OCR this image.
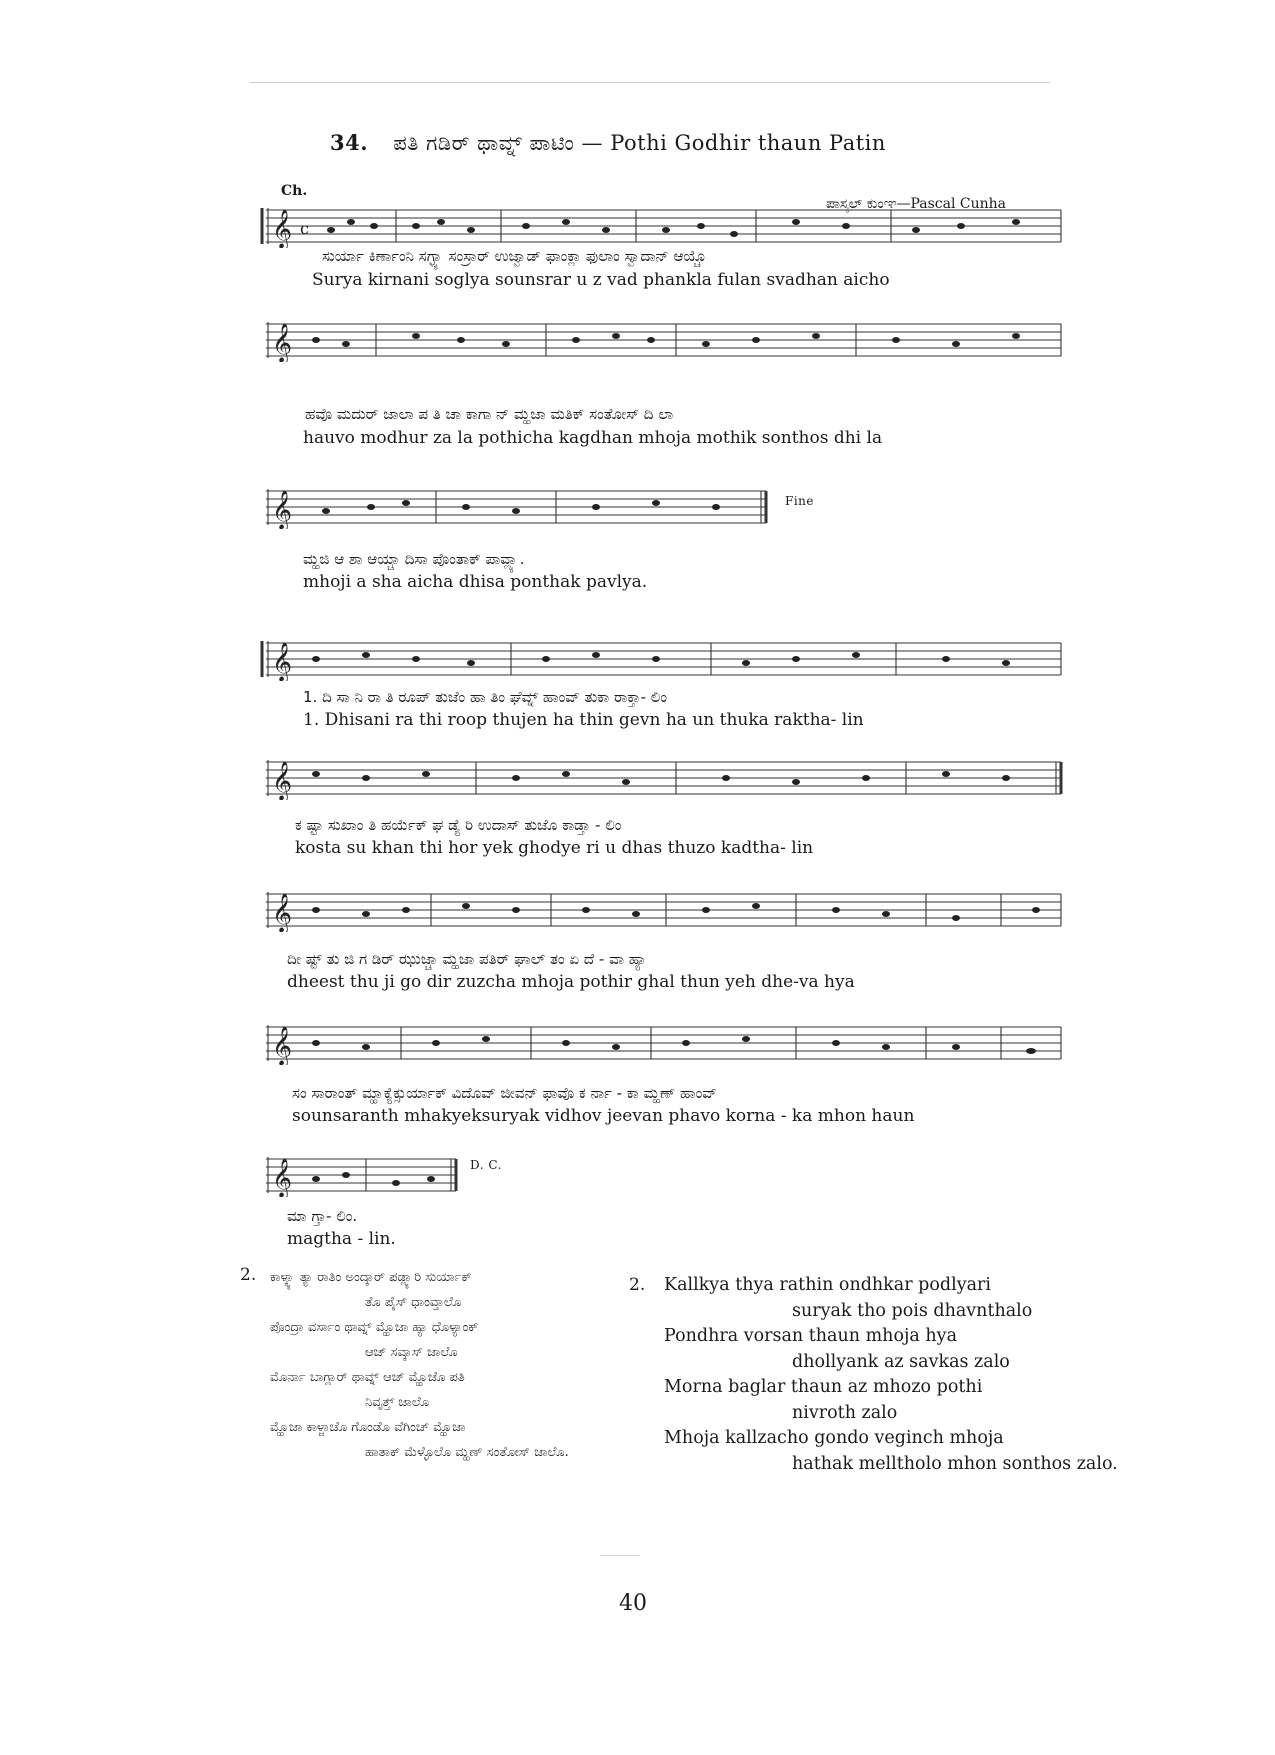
34. ಪತಿ ಗಡಿರ್ ಥಾವ್ನ್ ಪಾಟಿಂ — Pothi Godhir thaun Patin
Ch.
ಪಾಸ್ಕಲ್ ಕುಂಞ—Pascal Cunha
𝄞 c
ಸುರ್ಯಾ ಕಿರ್ಣಾಂನಿ ಸಗ್ಳ್ಯಾ ಸಂಸ್ರಾರ್ ಉಜ್ವಾಡ್ ಫಾಂಕ್ಲಾ ಫುಲಾಂ ಸ್ವಾದಾನ್ ಆಯ್ಚೊ
Surya kirnani soglya sounsrar u z vad phankla fulan svadhan aicho
𝄞
ಹವೊ ಮದುರ್ ಜಾಲಾ ಪ ತಿ ಚಾ ಕಾಗಾ ನ್ ಮ್ಹಜಾ ಮತಿಕ್ ಸಂತೋಸ್ ದಿ ಲಾ
hauvo modhur za la pothicha kagdhan mhoja mothik sonthos dhi la
𝄞	Fine
ಮ್ಹಜಿ ಆ ಶಾ ಆಯ್ಚಾ ದಿಸಾ ಪೊಂತಾಕ್ ಪಾವ್ಲ್ಯಾ.
mhoji a sha aicha dhisa ponthak pavlya.
𝄞
1. ದಿ ಸಾ ನಿ ರಾ ತಿ ರೂಪ್ ತುಜೆಂ ಹಾ ತಿಂ ಘೆವ್ನ್ ಹಾಂವ್ ತುಕಾ ರಾಕ್ತಾ- ಲಿಂ
1. Dhisani ra thi roop thujen ha thin gevn ha un thuka raktha- lin
𝄞
ಕ ಷ್ಟಾ ಸುಖಾಂ ತಿ ಹರ್ಯೆಕ್ ಘ ಡ್ಯೆ ರಿ ಉದಾಸ್ ತುಜೊ ಕಾಡ್ತಾ - ಲಿಂ
kosta su khan thi hor yek ghodye ri u dhas thuzo kadtha- lin
𝄞
ದೀ ಷ್ಟ್ ತು ಜಿ ಗ ಡಿರ್ ಝುಜ್ಚಾ ಮ್ಹಜಾ ಪತಿರ್ ಘಾಲ್ ತಂ ಏ ದೆ - ವಾ ಹ್ಯಾ
dheest thu ji go dir zuzcha mhoja pothir ghal thun yeh dhe-va hya
𝄞
ಸಂ ಸಾರಾಂತ್ ಮ್ಹಾಕ್ಯೆಕ್ಸುರ್ಯಾಕ್ ವಿದೊವ್ ಜೀವನ್ ಫಾವೊ ಕ ರ್ನಾ - ಕಾ ಮ್ಹಣ್ ಹಾಂವ್
sounsaranth mhakyeksuryak vidhov jeevan phavo korna - ka mhon haun
𝄞	D. C.
ಮಾ ಗ್ತಾ- ಲಿಂ.
magtha - lin.
2. ಕಾಳ್ಕ್ಯಾ ತ್ಯಾ ರಾತಿಂ ಅಂದ್ಕಾರ್ ಪಡ್ಲ್ಯಾರಿ ಸುರ್ಯಾಕ್
ತೊ ಪೈಸ್ ಧಾಂವ್ತಾಲೊ
ಪೊಂದ್ರಾ ವರ್ಸಾಂ ಥಾವ್ನ್ ಮ್ಹೊಜಾ ಹ್ಯಾ ಧೊಳ್ಯಾಂಕ್
ಆಜ್ ಸವ್ಕಾಸ್ ಜಾಲೊ
ಮೊರ್ನಾ ಬಾಗ್ಲಾರ್ ಥಾವ್ನ್ ಆಜ್ ಮ್ಹೊಜೊ ಪತಿ
ನಿವೃತ್ತ್ ಜಾಲೊ
ಮ್ಹೊಜಾ ಕಾಳ್ಜಾಚೊ ಗೊಂಡೊ ವೆಗಿಂಚ್ ಮ್ಹೊಜಾ
ಹಾತಾಕ್ ಮೆಳ್ಳೊಲೊ ಮ್ಹಣ್ ಸಂತೋಸ್ ಜಾಲೊ.
2. Kallkya thya rathin ondhkar podlyari
suryak tho pois dhavnthalo
Pondhra vorsan thaun mhoja hya
dhollyank az savkas zalo
Morna baglar thaun az mhozo pothi
nivroth zalo
Mhoja kallzacho gondo veginch mhoja
hathak melltholo mhon sonthos zalo.
40
